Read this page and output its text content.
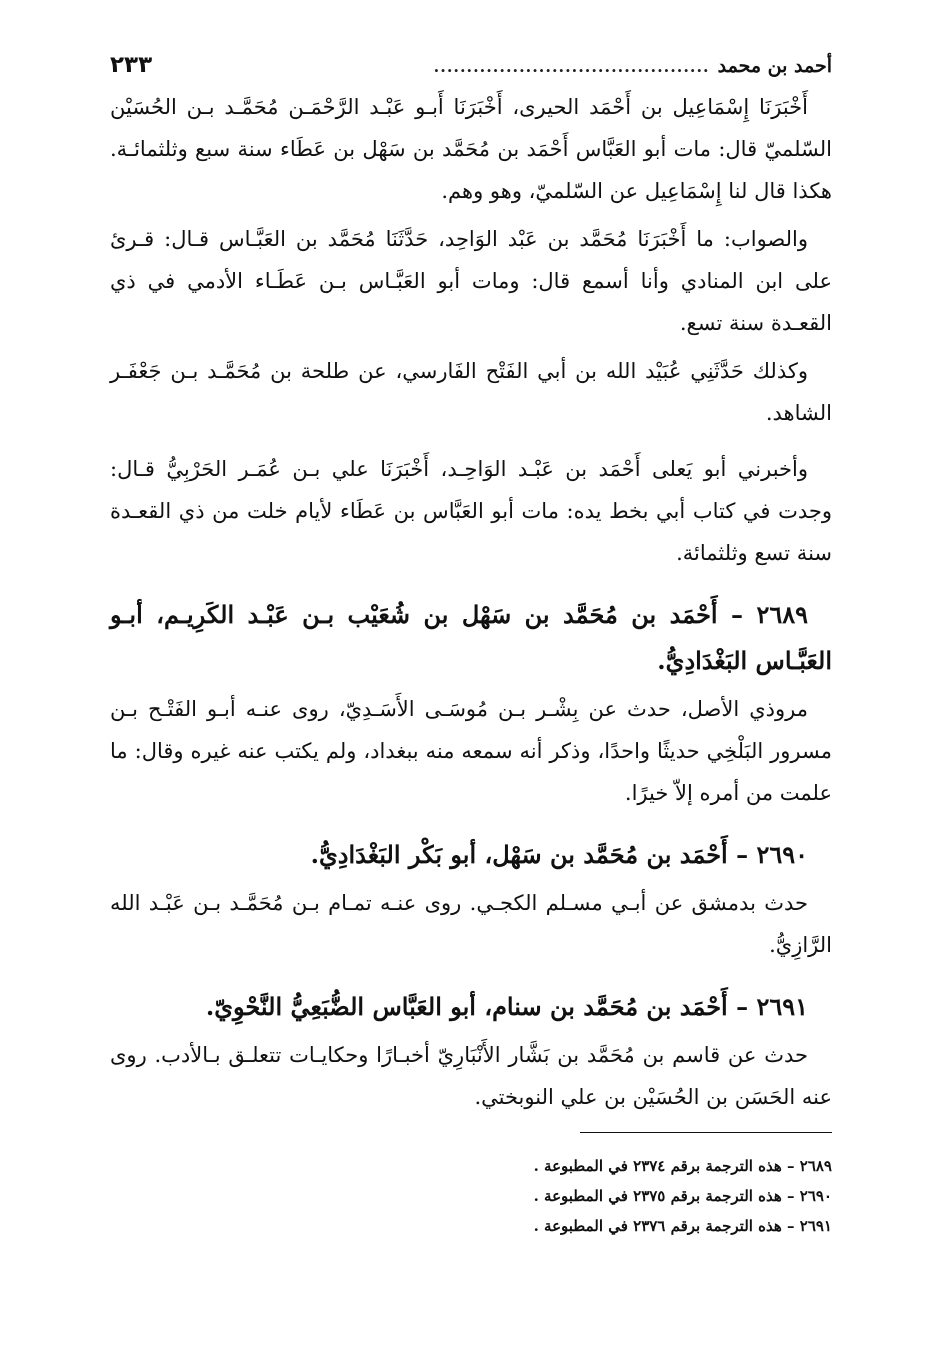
أحمد بن محمد
..........................................
٢٣٣

أَخْبَرَنَا إِسْمَاعِيل بن أَحْمَد الحيرى، أَخْبَرَنَا أَبـو عَبْـد الرَّحْمَـن مُحَمَّـد بـن الحُسَيْن السّلميّ قال: مات أبو العَبَّاس أَحْمَد بن مُحَمَّد بن سَهْل بن عَطَاء سنة سبع وثلثمائـة. هكذا قال لنا إِسْمَاعِيل عن السّلميّ، وهو وهم.

والصواب: ما أَخْبَرَنَا مُحَمَّد بن عَبْد الوَاحِد، حَدَّثَنَا مُحَمَّد بن العَبَّـاس قـال: قـرئ على ابن المنادي وأنا أسمع قال: ومات أبو العَبَّـاس بـن عَطَـاء الأدمي في ذي القعـدة سنة تسع.

وكذلك حَدَّثَنِي عُبَيْد الله بن أبي الفَتْح الفَارسي، عن طلحة بن مُحَمَّـد بـن جَعْفَـر الشاهد.

وأخبرني أبو يَعلى أَحْمَد بن عَبْـد الوَاحِـد، أَخْبَرَنَا علي بـن عُمَـر الحَرْبِيُّ قـال: وجدت في كتاب أبي بخط يده: مات أبو العَبَّاس بن عَطَاء لأيام خلت من ذي القعـدة سنة تسع وثلثمائة.

٢٦٨٩ – أَحْمَد بن مُحَمَّد بن سَهْل بن شُعَيْب بـن عَبْـد الكَرِيـم، أبـو العَبَّـاس البَغْدَادِيُّ.

مروذي الأصل، حدث عن بِشْـر بـن مُوسَـى الأَسَـدِيّ، روى عنـه أبـو الفَتْـح بـن مسرور البَلْخِي حديثًا واحدًا، وذكر أنه سمعه منه ببغداد، ولم يكتب عنه غيره وقال: ما علمت من أمره إلاّ خيرًا.

٢٦٩٠ – أَحْمَد بن مُحَمَّد بن سَهْل، أبو بَكْر البَغْدَادِيُّ.

حدث بدمشق عن أبـي مسـلم الكجـي. روى عنـه تمـام بـن مُحَمَّـد بـن عَبْـد الله الرَّازِيُّ.

٢٦٩١ – أَحْمَد بن مُحَمَّد بن سنام، أبو العَبَّاس الضُّبَعِيُّ النَّحْوِيّ.

حدث عن قاسم بن مُحَمَّد بن بَشَّار الأَنْبَارِيّ أخبـارًا وحكايـات تتعلـق بـالأدب. روى عنه الحَسَن بن الحُسَيْن بن علي النوبختي.

٢٦٨٩ – هذه الترجمة برقم ٢٣٧٤ في المطبوعة .
٢٦٩٠ – هذه الترجمة برقم ٢٣٧٥ في المطبوعة .
٢٦٩١ – هذه الترجمة برقم ٢٣٧٦ في المطبوعة .
